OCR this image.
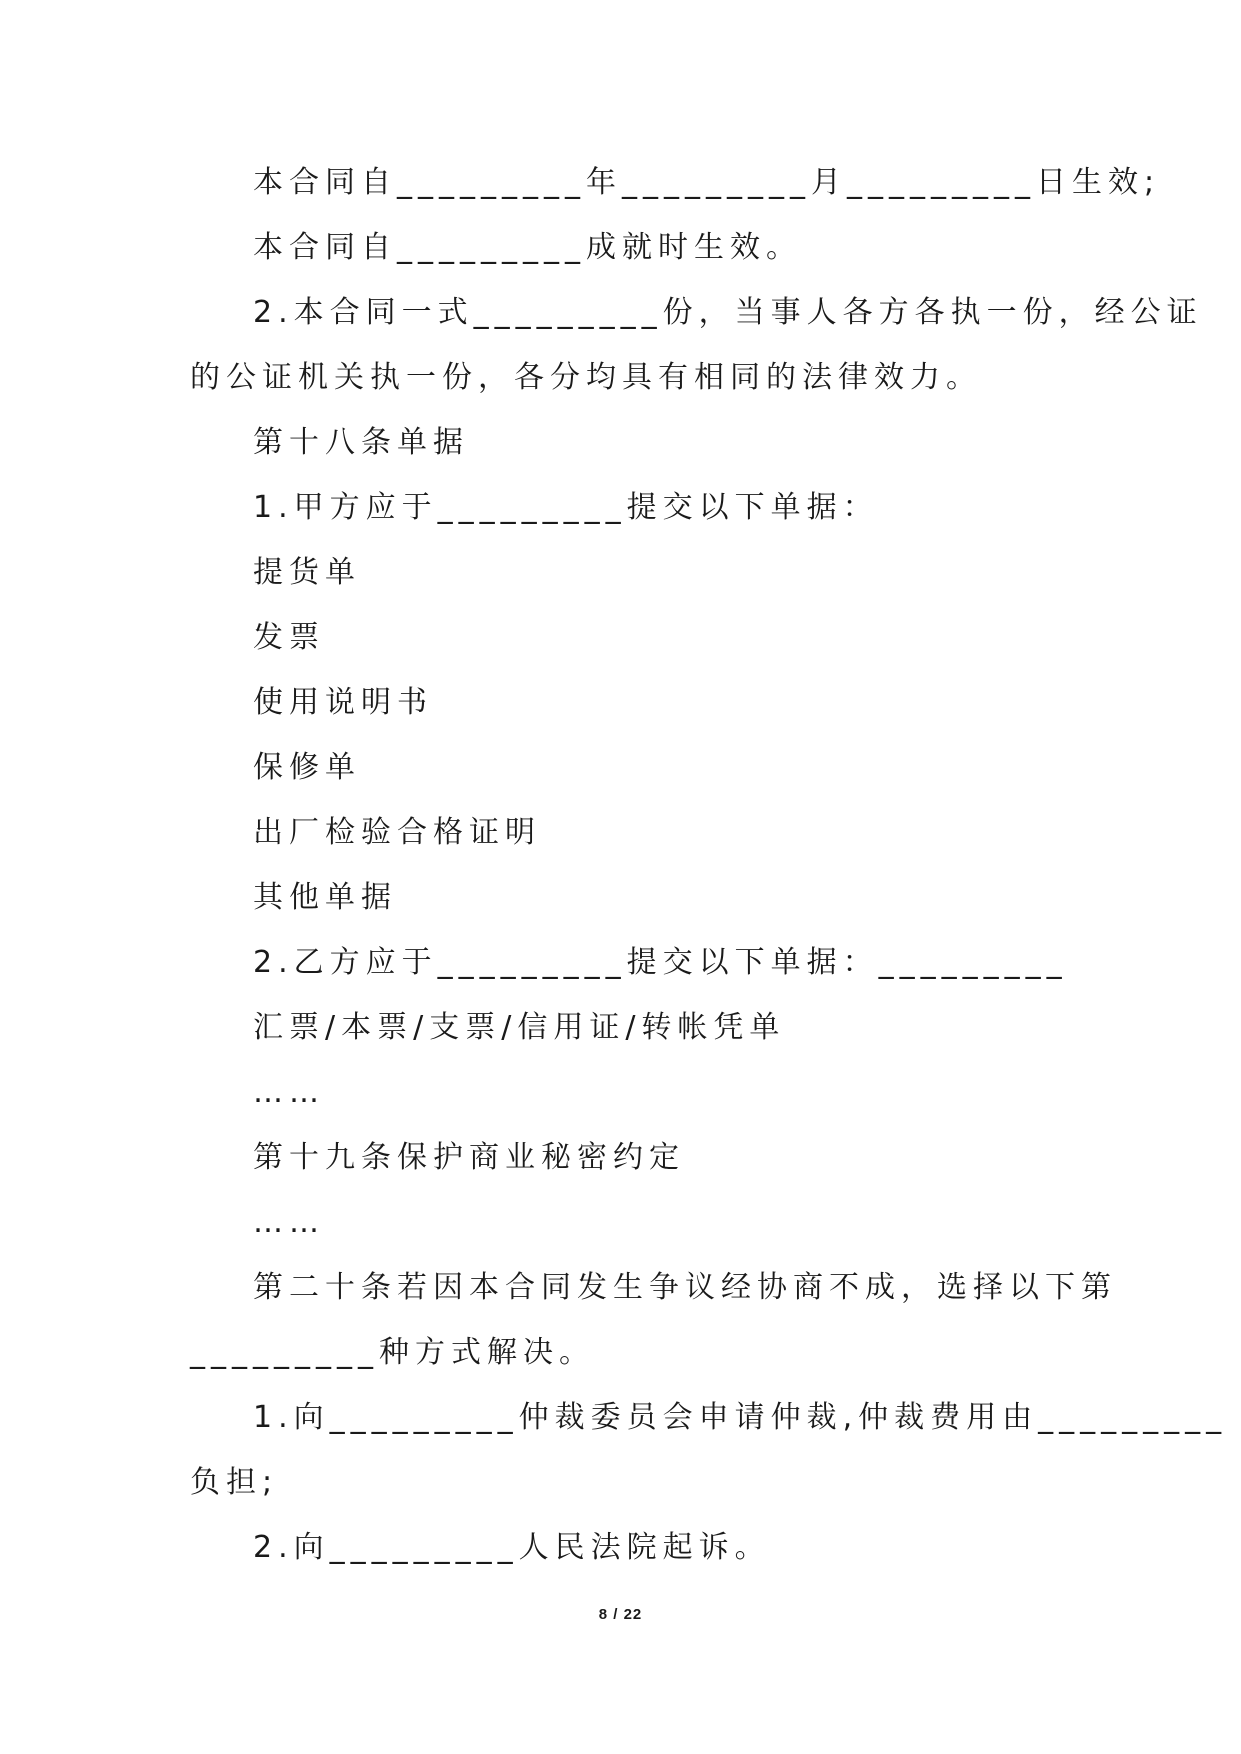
本合同自_________年_________月_________日生效;
本合同自_________成就时生效。
2.本合同一式_________份，当事人各方各执一份，经公证
的公证机关执一份，各分均具有相同的法律效力。
第十八条单据
1.甲方应于_________提交以下单据：
提货单
发票
使用说明书
保修单
出厂检验合格证明
其他单据
2.乙方应于_________提交以下单据：_________
汇票/本票/支票/信用证/转帐凭单
……
第十九条保护商业秘密约定
……
第二十条若因本合同发生争议经协商不成，选择以下第
_________种方式解决。
1.向_________仲裁委员会申请仲裁,仲裁费用由_________
负担;
2.向_________人民法院起诉。
8 / 22
